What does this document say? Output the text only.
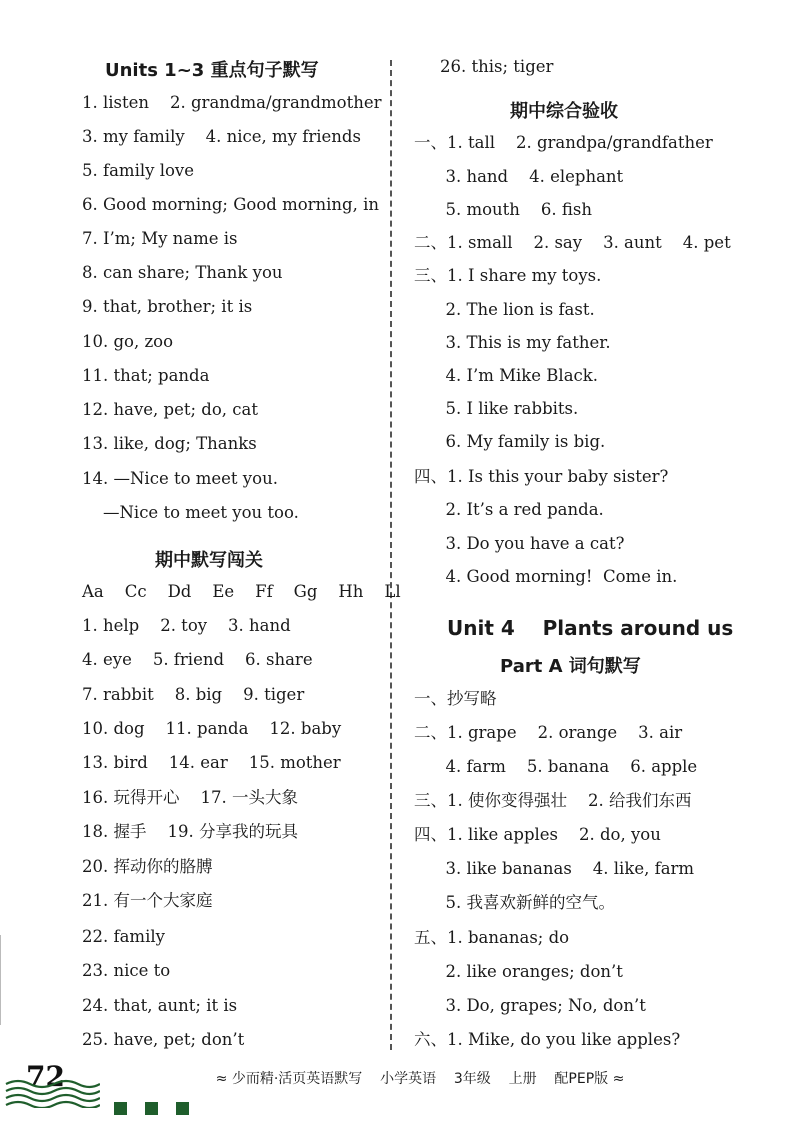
Units 1~3 重点句子默写
1. listen    2. grandma/grandmother
3. my family    4. nice, my friends
5. family love
6. Good morning; Good morning, in
7. I’m; My name is
8. can share; Thank you
9. that, brother; it is
10. go, zoo
11. that; panda
12. have, pet; do, cat
13. like, dog; Thanks
14. —Nice to meet you.
—Nice to meet you too.
期中默写闯关
Aa    Cc    Dd    Ee    Ff    Gg    Hh    Ll
1. help    2. toy    3. hand
4. eye    5. friend    6. share
7. rabbit    8. big    9. tiger
10. dog    11. panda    12. baby
13. bird    14. ear    15. mother
16. 玩得开心    17. 一头大象
18. 握手    19. 分享我的玩具
20. 挥动你的胳膊
21. 有一个大家庭
22. family
23. nice to
24. that, aunt; it is
25. have, pet; don’t
26. this; tiger
期中综合验收
一、1. tall    2. grandpa/grandfather
3. hand    4. elephant
5. mouth    6. fish
二、1. small    2. say    3. aunt    4. pet
三、1. I share my toys.
2. The lion is fast.
3. This is my father.
4. I’m Mike Black.
5. I like rabbits.
6. My family is big.
四、1. Is this your baby sister?
2. It’s a red panda.
3. Do you have a cat?
4. Good morning!  Come in.
Unit 4    Plants around us
Part A 词句默写
一、抄写略
二、1. grape    2. orange    3. air
4. farm    5. banana    6. apple
三、1. 使你变得强壮    2. 给我们东西
四、1. like apples    2. do, you
3. like bananas    4. like, farm
5. 我喜欢新鲜的空气。
五、1. bananas; do
2. like oranges; don’t
3. Do, grapes; No, don’t
六、1. Mike, do you like apples?
72	≈ 少而精·活页英语默写    小学英语    3年级    上册    配PEP版 ≈
